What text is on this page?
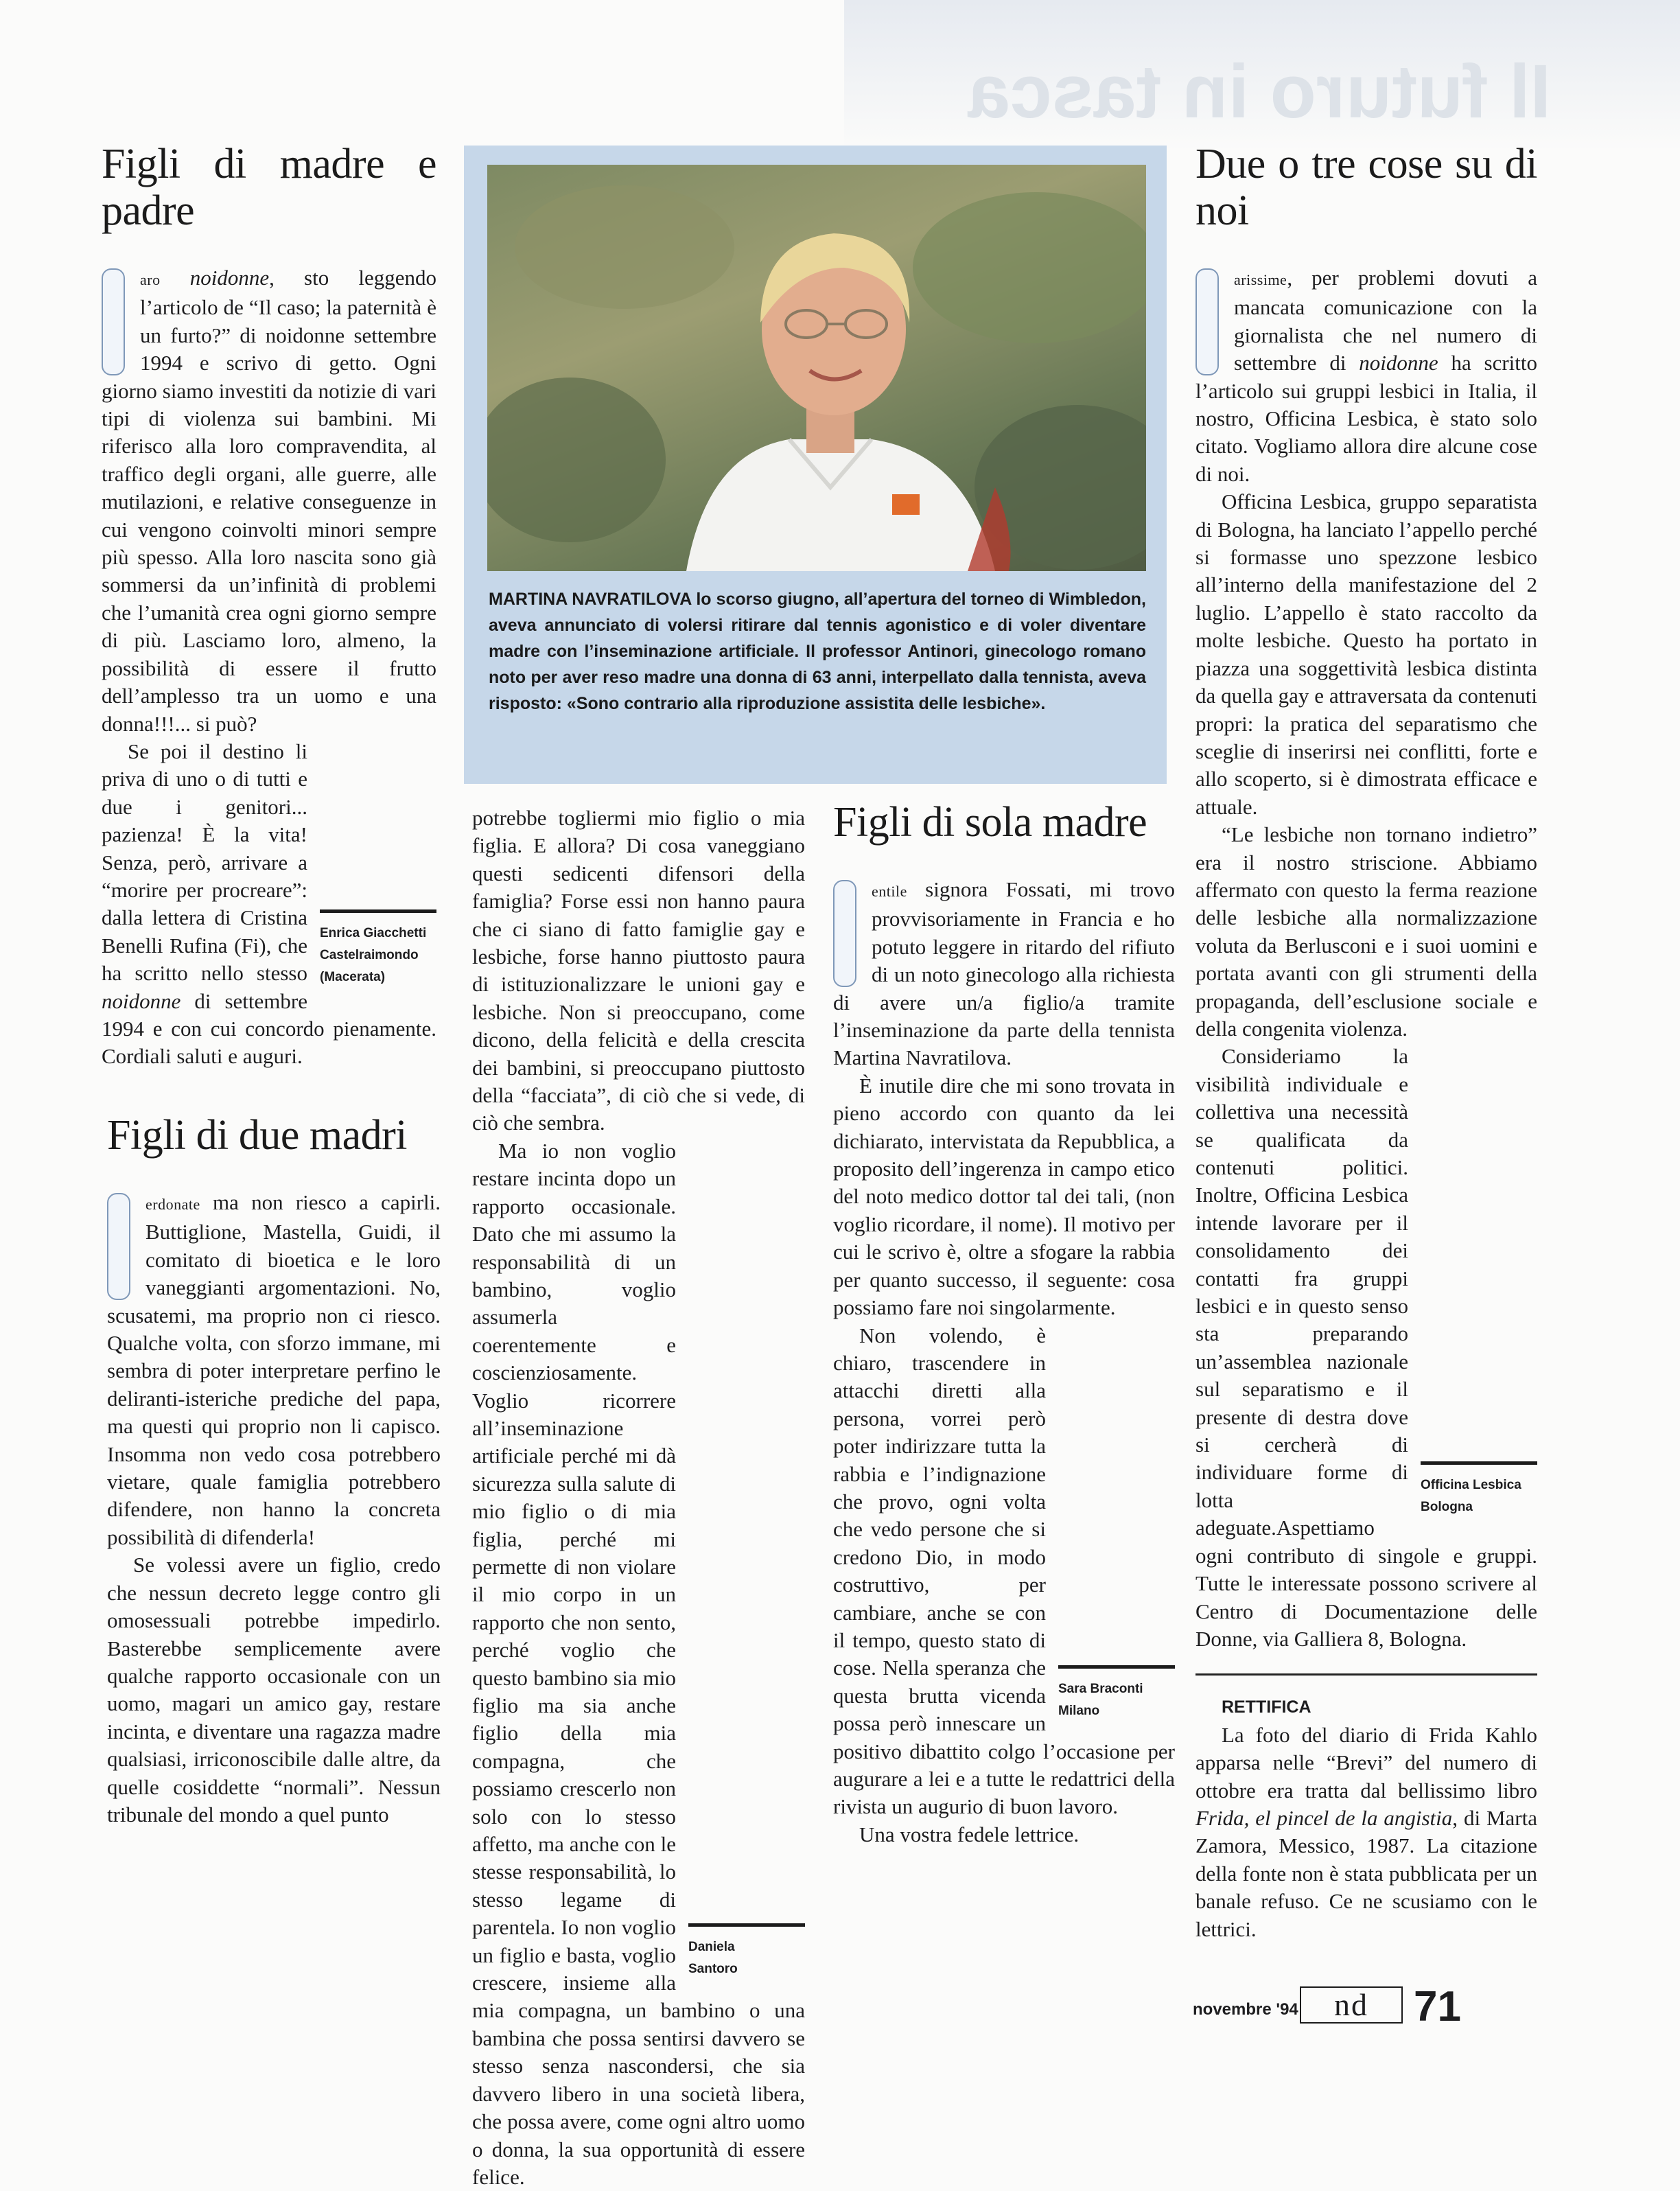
Il futuro in tasca
Figli di madre e padre

aro noidonne, sto leggendo l’articolo de “Il caso; la paternità è un furto?” di noidonne settembre 1994 e scrivo di getto. Ogni giorno siamo investiti da notizie di vari tipi di violenza sui bambini. Mi riferisco alla loro compravendita, al traffico degli organi, alle guerre, alle mutilazioni, e relative conseguenze in cui vengono coinvolti minori sempre più spesso. Alla loro nascita sono già sommersi da un’infinità di problemi che l’umanità crea ogni giorno sempre di più. Lasciamo loro, almeno, la possibilità di essere il frutto dell’amplesso tra un uomo e una donna!!!... si può?

Enrica Giacchetti
Castelraimondo (Macerata)

Se poi il destino li priva di uno o di tutti e due i genitori... pazienza! È la vita! Senza, però, arrivare a “morire per procreare”: dalla lettera di Cristina Benelli Rufina (Fi), che ha scritto nello stesso noidonne di settembre 1994 e con cui concordo pienamente. Cordiali saluti e auguri.

Figli di due madri

erdonate ma non riesco a capirli. Buttiglione, Mastella, Guidi, il comitato di bioetica e le loro vaneggianti argomentazioni. No, scusatemi, ma proprio non ci riesco. Qualche volta, con sforzo immane, mi sembra di poter interpretare perfino le deliranti-isteriche prediche del papa, ma questi qui proprio non li capisco. Insomma non vedo cosa potrebbero vietare, quale famiglia potrebbero difendere, non hanno la concreta possibilità di difenderla!

Se volessi avere un figlio, credo che nessun decreto legge contro gli omosessuali potrebbe impedirlo. Basterebbe semplicemente avere qualche rapporto occasionale con un uomo, magari un amico gay, restare incinta, e diventare una ragazza madre qualsiasi, irriconoscibile dalle altre, da quelle cosiddette “normali”. Nessun tribunale del mondo a quel punto

MARTINA NAVRATILOVA lo scorso giugno, all’apertura del torneo di Wimbledon, aveva annunciato di volersi ritirare dal tennis agonistico e di voler diventare madre con l’inseminazione artificiale. Il professor Antinori, ginecologo romano noto per aver reso madre una donna di 63 anni, interpellato dalla tennista, aveva risposto: «Sono contrario alla riproduzione assistita delle lesbiche».

potrebbe togliermi mio figlio o mia figlia. E allora? Di cosa vaneggiano questi sedicenti difensori della famiglia? Forse essi non hanno paura che ci siano di fatto famiglie gay e lesbiche, forse hanno piuttosto paura di istituzionalizzare le unioni gay e lesbiche. Non si preoccupano, come dicono, della felicità e della crescita dei bambini, si preoccupano piuttosto della “facciata”, di ciò che si vede, di ciò che sembra.

Daniela
Santoro

Ma io non voglio restare incinta dopo un rapporto occasionale. Dato che mi assumo la responsabilità di un bambino, voglio assumerla coerentemente e coscienziosamente. Voglio ricorrere all’inseminazione artificiale perché mi dà sicurezza sulla salute di mio figlio o di mia figlia, perché mi permette di non violare il mio corpo in un rapporto che non sento, perché voglio che questo bambino sia mio figlio ma sia anche figlio della mia compagna, che possiamo crescerlo non solo con lo stesso affetto, ma anche con le stesse responsabilità, lo stesso legame di parentela. Io non voglio un figlio e basta, voglio crescere, insieme alla mia compagna, un bambino o una bambina che possa sentirsi davvero se stesso senza nascondersi, che sia davvero libero in una società libera, che possa avere, come ogni altro uomo o donna, la sua opportunità di essere felice.

Figli di sola madre

entile signora Fossati, mi trovo provvisoriamente in Francia e ho potuto leggere in ritardo del rifiuto di un noto ginecologo alla richiesta di avere un/a figlio/a tramite l’inseminazione da parte della tennista Martina Navratilova.

È inutile dire che mi sono trovata in pieno accordo con quanto da lei dichiarato, intervistata da Repubblica, a proposito dell’ingerenza in campo etico del noto medico dottor tal dei tali, (non voglio ricordare, il nome). Il motivo per cui le scrivo è, oltre a sfogare la rabbia per quanto successo, il seguente: cosa possiamo fare noi singolarmente.

Sara Braconti
Milano

Non volendo, è chiaro, trascendere in attacchi diretti alla persona, vorrei però poter indirizzare tutta la rabbia e l’indignazione che provo, ogni volta che vedo persone che si credono Dio, in modo costruttivo, per cambiare, anche se con il tempo, questo stato di cose. Nella speranza che questa brutta vicenda possa però innescare un positivo dibattito colgo l’occasione per augurare a lei e a tutte le redattrici della rivista un augurio di buon lavoro.

Una vostra fedele lettrice.

Due o tre cose su di noi

arissime, per problemi dovuti a mancata comunicazione con la giornalista che nel numero di settembre di noidonne ha scritto l’articolo sui gruppi lesbici in Italia, il nostro, Officina Lesbica, è stato solo citato. Vogliamo allora dire alcune cose di noi.

Officina Lesbica, gruppo separatista di Bologna, ha lanciato l’appello perché si formasse uno spezzone lesbico all’interno della manifestazione del 2 luglio. L’appello è stato raccolto da molte lesbiche. Questo ha portato in piazza una soggettività lesbica distinta da quella gay e attraversata da contenuti propri: la pratica del separatismo che sceglie di inserirsi nei conflitti, forte e allo scoperto, si è dimostrata efficace e attuale.

“Le lesbiche non tornano indietro” era il nostro striscione. Abbiamo affermato con questo la ferma reazione delle lesbiche alla normalizzazione voluta da Berlusconi e i suoi uomini e portata avanti con gli strumenti della propaganda, dell’esclusione sociale e della congenita violenza.

Officina Lesbica
Bologna

Consideriamo la visibilità individuale e collettiva una necessità se qualificata da contenuti politici. Inoltre, Officina Lesbica intende lavorare per il consolidamento dei contatti fra gruppi lesbici e in questo senso sta preparando un’assemblea nazionale sul separatismo e il presente di destra dove si cercherà di individuare forme di lotta adeguate.Aspettiamo ogni contributo di singole e gruppi. Tutte le interessate possono scrivere al Centro di Documentazione delle Donne, via Galliera 8, Bologna.

RETTIFICA

La foto del diario di Frida Kahlo apparsa nelle “Brevi” del numero di ottobre era tratta dal bellissimo libro Frida, el pincel de la angistia, di Marta Zamora, Messico, 1987. La citazione della fonte non è stata pubblicata per un banale refuso. Ce ne scusiamo con le lettrici.

novembre '94	nd	71
